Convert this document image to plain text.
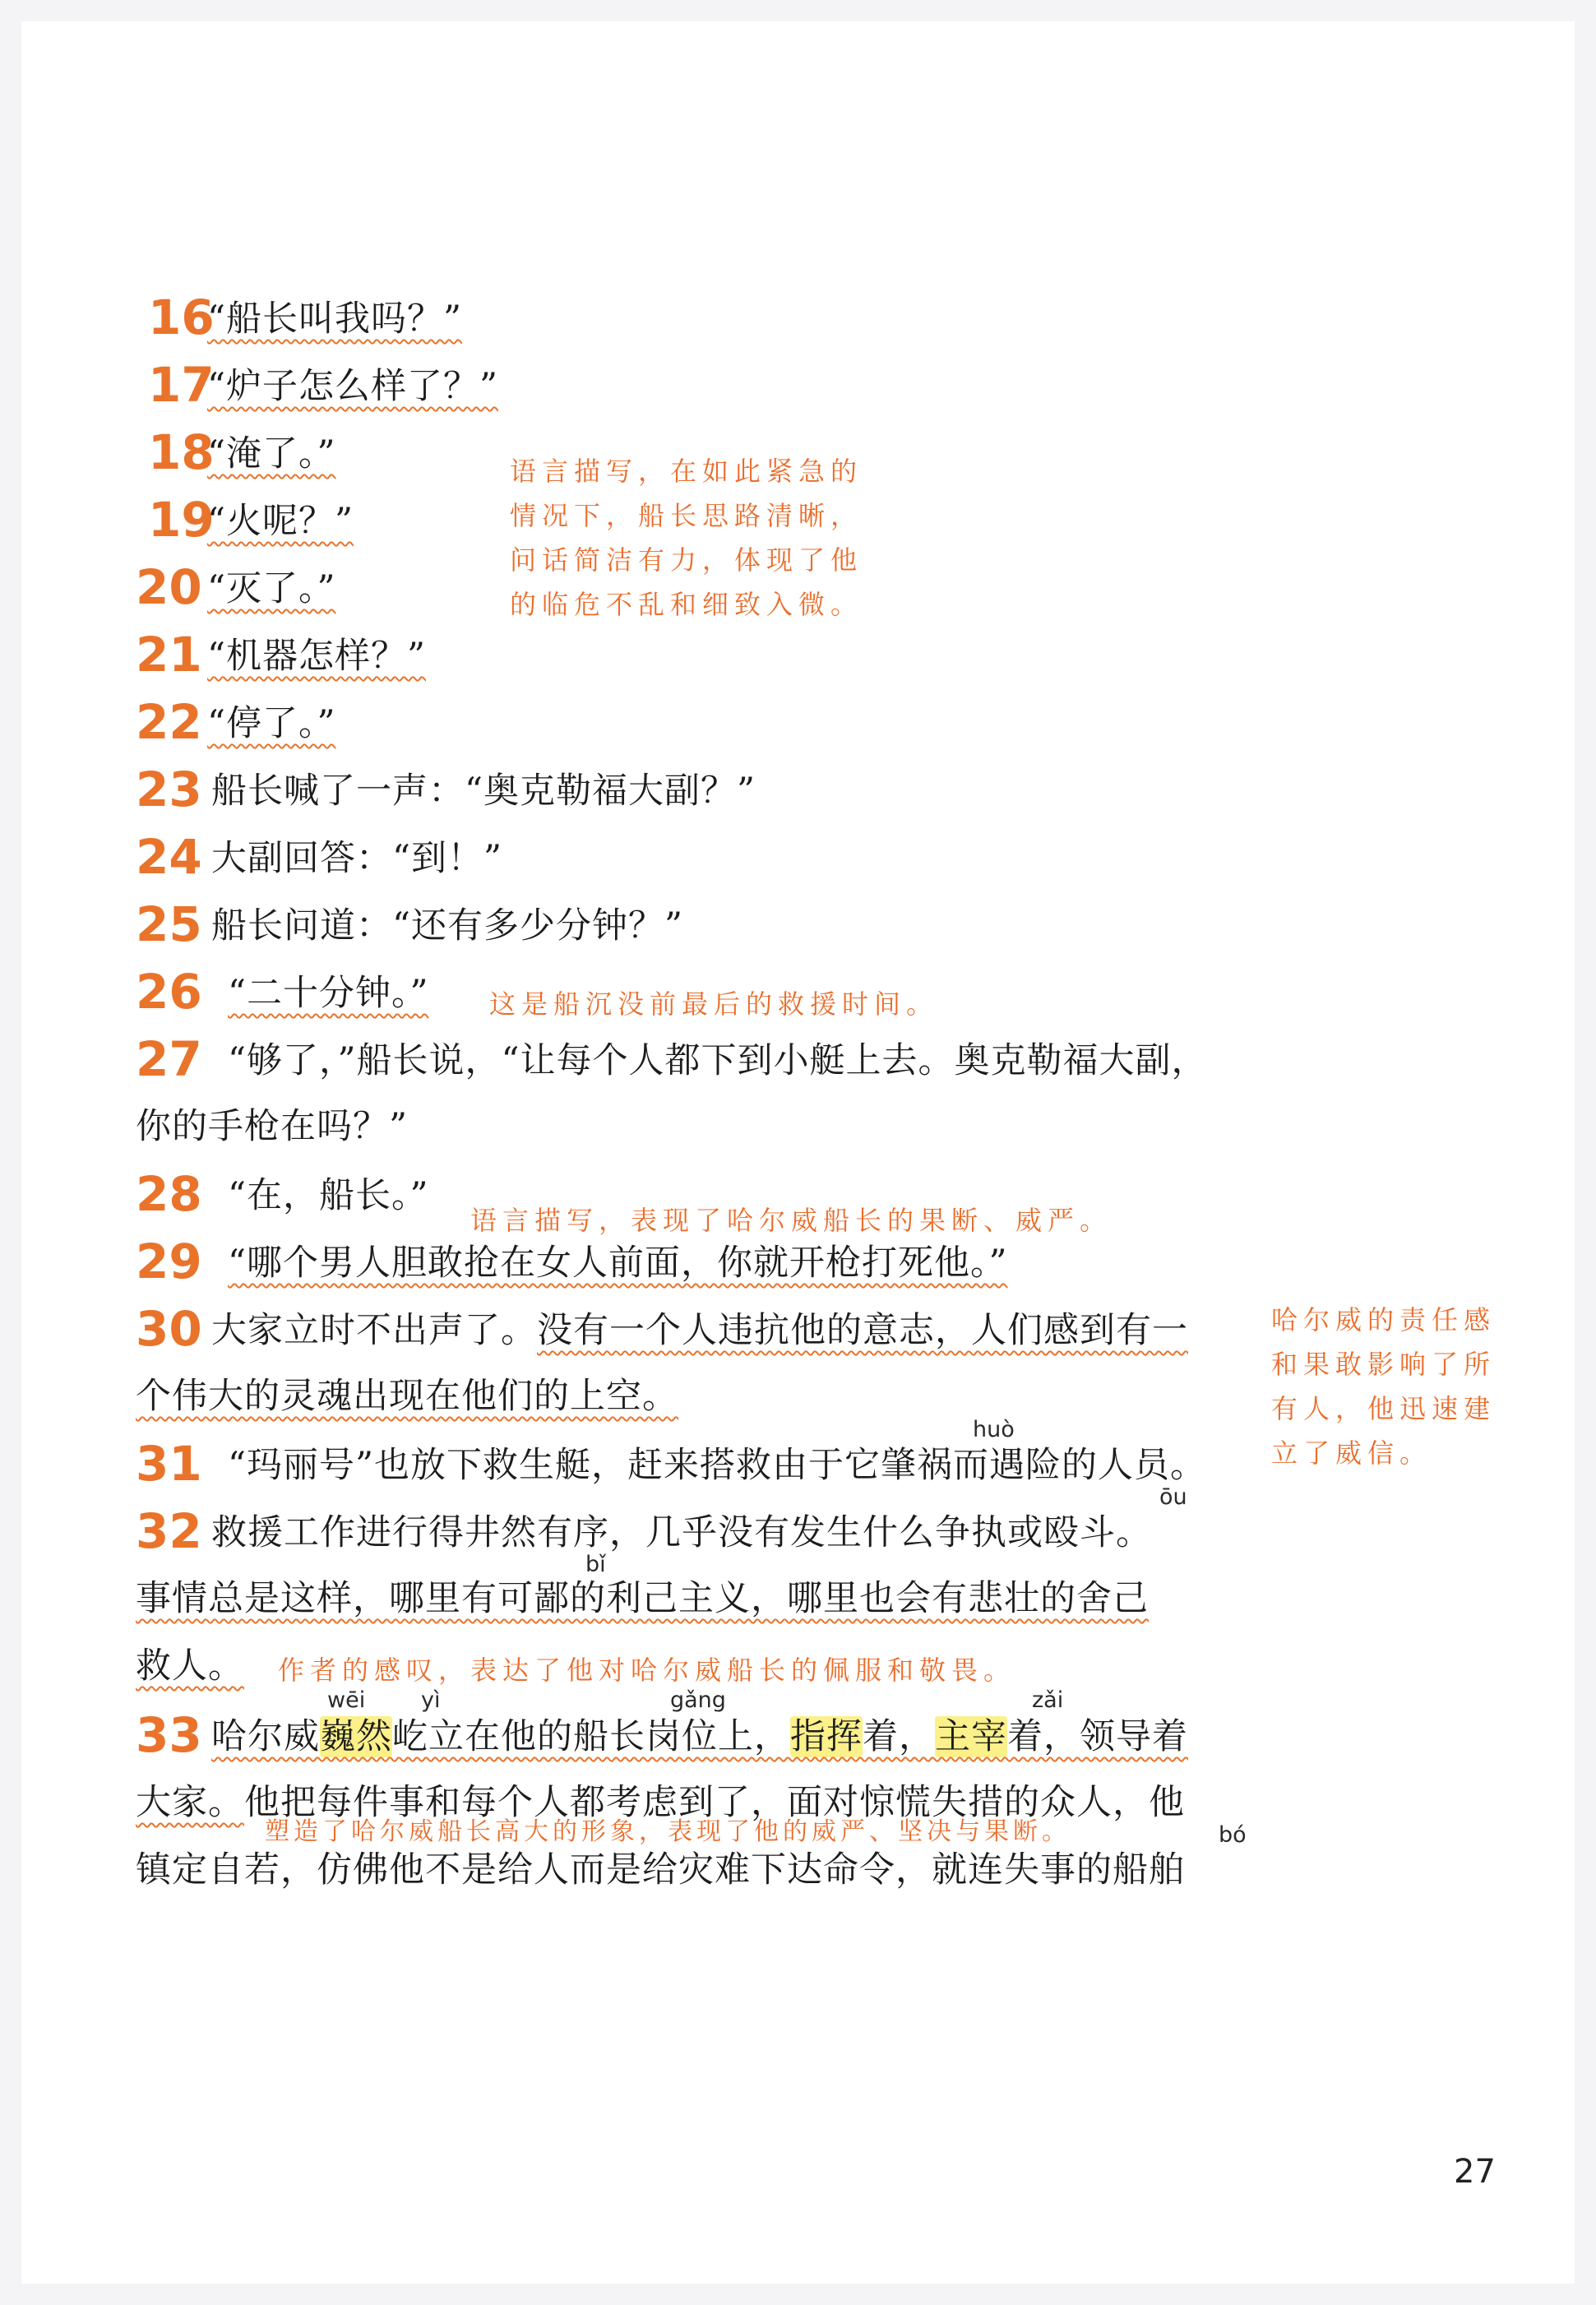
16“船长叫我吗？”
17“炉子怎么样了？”
18“淹了。”
19“火呢？”
20 “灭了。”
21 “机器怎样？”
22 “停了。”
语言描写，在如此紧急的
情况下，船长思路清晰，
问话简洁有力，体现了他
的临危不乱和细致入微。
23 船长喊了一声：“奥克勒福大副？”
24 大副回答：“到！”
25 船长问道：“还有多少分钟？”
26 “二十分钟。” 这是船沉没前最后的救援时间。
27 “够了，”船长说，“让每个人都下到小艇上去。奥克勒福大副，
你的手枪在吗？”
28 “在，船长。”
语言描写，表现了哈尔威船长的果断、威严。
29 “哪个男人胆敢抢在女人前面，你就开枪打死他。”
30 大家立时不出声了。没有一个人违抗他的意志，人们感到有一
个伟大的灵魂出现在他们的上空。
哈尔威的责任感
和果敢影响了所
有人，他迅速建
立了威信。
huò
31 “玛丽号”也放下救生艇，赶来搭救由于它肇祸而遇险的人员。
ōu
32 救援工作进行得井然有序，几乎没有发生什么争执或殴斗。
bǐ
事情总是这样，哪里有可鄙的利己主义，哪里也会有悲壮的舍己
救人。 作者的感叹，表达了他对哈尔威船长的佩服和敬畏。
wēi	yì	gǎng	zǎi
33 哈尔威巍然屹立在他的船长岗位上，指挥着，主宰着，领导着
大家。他把每件事和每个人都考虑到了，面对惊慌失措的众人，他
塑造了哈尔威船长高大的形象，表现了他的威严、坚决与果断。	bó
镇定自若，仿佛他不是给人而是给灾难下达命令，就连失事的船舶
27
